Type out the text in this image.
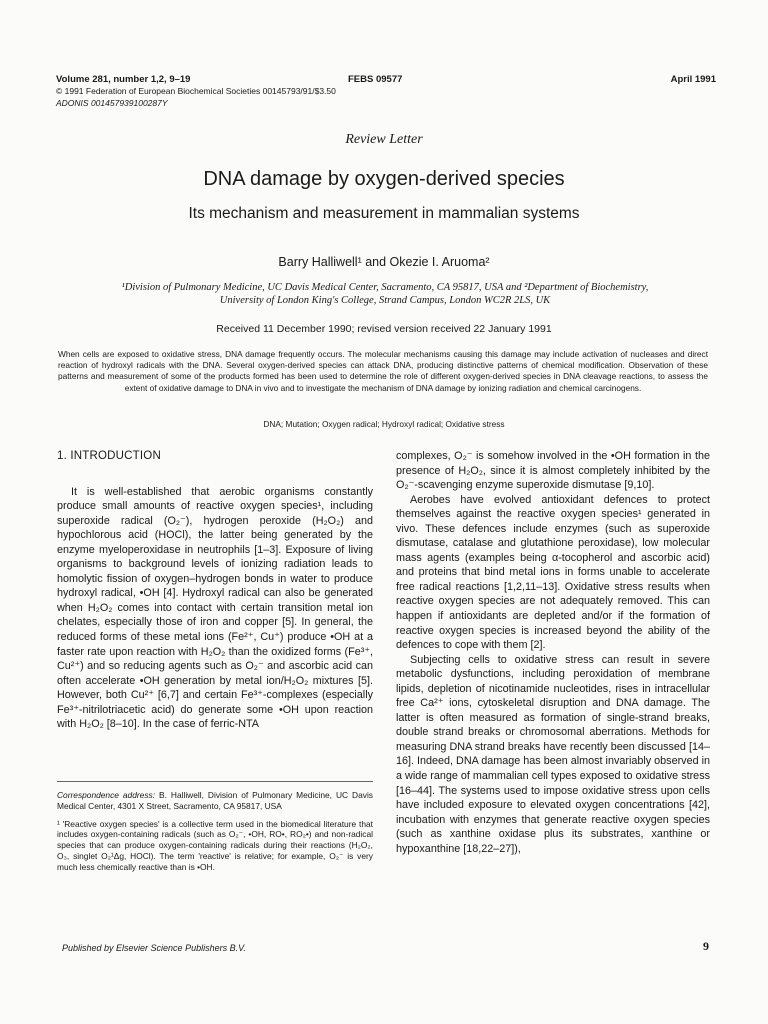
Volume 281, number 1,2, 9–19	FEBS 09577	April 1991
© 1991 Federation of European Biochemical Societies 00145793/91/$3.50
ADONIS 001457939100287Y
Review Letter
DNA damage by oxygen-derived species
Its mechanism and measurement in mammalian systems
Barry Halliwell¹ and Okezie I. Aruoma²
¹Division of Pulmonary Medicine, UC Davis Medical Center, Sacramento, CA 95817, USA and ²Department of Biochemistry,
University of London King's College, Strand Campus, London WC2R 2LS, UK
Received 11 December 1990; revised version received 22 January 1991
When cells are exposed to oxidative stress, DNA damage frequently occurs. The molecular mechanisms causing this damage may include activation of nucleases and direct reaction of hydroxyl radicals with the DNA. Several oxygen-derived species can attack DNA, producing distinctive patterns of chemical modification. Observation of these patterns and measurement of some of the products formed has been used to determine the role of different oxygen-derived species in DNA cleavage reactions, to assess the extent of oxidative damage to DNA in vivo and to investigate the mechanism of DNA damage by ionizing radiation and chemical carcinogens.
DNA; Mutation; Oxygen radical; Hydroxyl radical; Oxidative stress

1. INTRODUCTION

It is well-established that aerobic organisms constantly produce small amounts of reactive oxygen species¹, including superoxide radical (O₂⁻), hydrogen peroxide (H₂O₂) and hypochlorous acid (HOCl), the latter being generated by the enzyme myeloperoxidase in neutrophils [1–3]. Exposure of living organisms to background levels of ionizing radiation leads to homolytic fission of oxygen–hydrogen bonds in water to produce hydroxyl radical, •OH [4]. Hydroxyl radical can also be generated when H₂O₂ comes into contact with certain transition metal ion chelates, especially those of iron and copper [5]. In general, the reduced forms of these metal ions (Fe²⁺, Cu⁺) produce •OH at a faster rate upon reaction with H₂O₂ than the oxidized forms (Fe³⁺, Cu²⁺) and so reducing agents such as O₂⁻ and ascorbic acid can often accelerate •OH generation by metal ion/H₂O₂ mixtures [5]. However, both Cu²⁺ [6,7] and certain Fe³⁺-complexes (especially Fe³⁺-nitrilotriacetic acid) do generate some •OH upon reaction with H₂O₂ [8–10]. In the case of ferric-NTA

Correspondence address: B. Halliwell, Division of Pulmonary Medicine, UC Davis Medical Center, 4301 X Street, Sacramento, CA 95817, USA

¹ 'Reactive oxygen species' is a collective term used in the biomedical literature that includes oxygen-containing radicals (such as O₂⁻, •OH, RO•, RO₂•) and non-radical species that can produce oxygen-containing radicals during their reactions (H₂O₂, O₃, singlet O₂¹Δg, HOCl). The term 'reactive' is relative; for example, O₂⁻ is very much less chemically reactive than is •OH.

complexes, O₂⁻ is somehow involved in the •OH formation in the presence of H₂O₂, since it is almost completely inhibited by the O₂⁻-scavenging enzyme superoxide dismutase [9,10].

Aerobes have evolved antioxidant defences to protect themselves against the reactive oxygen species¹ generated in vivo. These defences include enzymes (such as superoxide dismutase, catalase and glutathione peroxidase), low molecular mass agents (examples being α-tocopherol and ascorbic acid) and proteins that bind metal ions in forms unable to accelerate free radical reactions [1,2,11–13]. Oxidative stress results when reactive oxygen species are not adequately removed. This can happen if antioxidants are depleted and/or if the formation of reactive oxygen species is increased beyond the ability of the defences to cope with them [2].

Subjecting cells to oxidative stress can result in severe metabolic dysfunctions, including peroxidation of membrane lipids, depletion of nicotinamide nucleotides, rises in intracellular free Ca²⁺ ions, cytoskeletal disruption and DNA damage. The latter is often measured as formation of single-strand breaks, double strand breaks or chromosomal aberrations. Methods for measuring DNA strand breaks have recently been discussed [14–16]. Indeed, DNA damage has been almost invariably observed in a wide range of mammalian cell types exposed to oxidative stress [16–44]. The systems used to impose oxidative stress upon cells have included exposure to elevated oxygen concentrations [42], incubation with enzymes that generate reactive oxygen species (such as xanthine oxidase plus its substrates, xanthine or hypoxanthine [18,22–27]),

Published by Elsevier Science Publishers B.V.	9
